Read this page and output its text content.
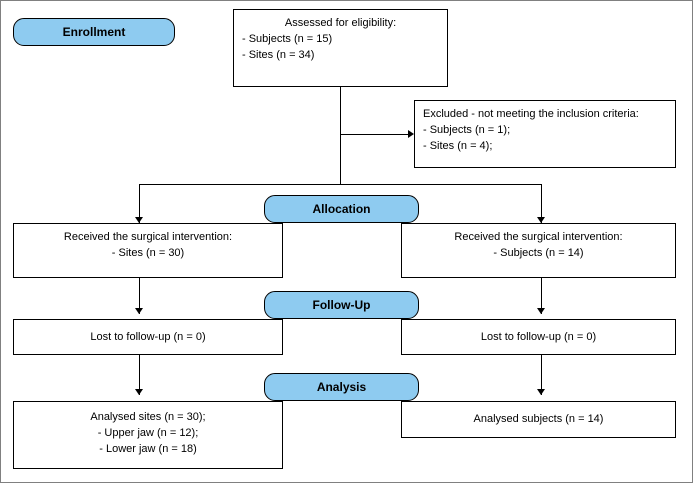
Enrollment
Assessed for eligibility:
- Subjects (n = 15)
- Sites (n = 34)
Excluded - not meeting the inclusion criteria:
- Subjects (n = 1);
- Sites (n = 4);
Allocation
Received the surgical intervention:
- Sites (n = 30)
Received the surgical intervention:
- Subjects (n = 14)
Follow-Up
Lost to follow-up (n = 0)	Lost to follow-up (n = 0)
Analysis
Analysed sites (n = 30);
- Upper jaw (n = 12);
- Lower jaw (n = 18)
Analysed subjects (n = 14)
